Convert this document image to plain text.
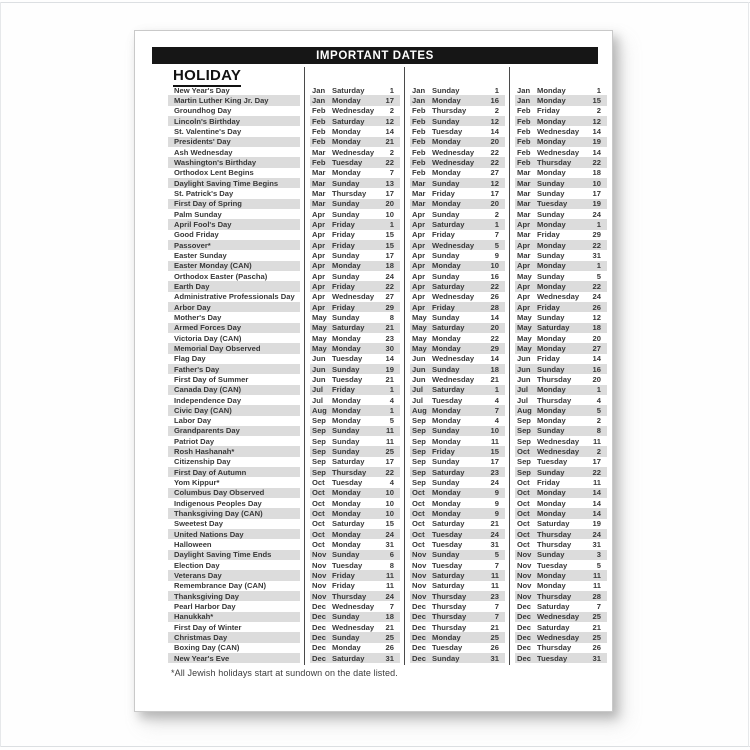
IMPORTANT DATES
HOLIDAY
New Year's Day	Jan Saturday	1 Jan Sunday	1 Jan Monday	1
Martin Luther King Jr. Day	Jan Monday	17 Jan Monday	16 Jan Monday	15
Groundhog Day	Feb Wednesday	2 Feb Thursday	2 Feb Friday	2
Lincoln's Birthday	Feb Saturday	12 Feb Sunday	12 Feb Monday	12
St. Valentine's Day	Feb Monday	14 Feb Tuesday	14 Feb Wednesday	14
Presidents' Day	Feb Monday	21 Feb Monday	20 Feb Monday	19
Ash Wednesday	Mar Wednesday	2 Feb Wednesday	22 Feb Wednesday	14
Washington's Birthday	Feb Tuesday	22 Feb Wednesday	22 Feb Thursday	22
Orthodox Lent Begins	Mar Monday	7 Feb Monday	27 Mar Monday	18
Daylight Saving Time Begins	Mar Sunday	13 Mar Sunday	12 Mar Sunday	10
St. Patrick's Day	Mar Thursday	17 Mar Friday	17 Mar Sunday	17
First Day of Spring	Mar Sunday	20 Mar Monday	20 Mar Tuesday	19
Palm Sunday	Apr Sunday	10 Apr Sunday	2 Mar Sunday	24
April Fool's Day	Apr Friday	1 Apr Saturday	1 Apr Monday	1
Good Friday	Apr Friday	15 Apr Friday	7 Mar Friday	29
Passover*	Apr Friday	15 Apr Wednesday	5 Apr Monday	22
Easter Sunday	Apr Sunday	17 Apr Sunday	9 Mar Sunday	31
Easter Monday (CAN)	Apr Monday	18 Apr Monday	10 Apr Monday	1
Orthodox Easter (Pascha)	Apr Sunday	24 Apr Sunday	16 May Sunday	5
Earth Day	Apr Friday	22 Apr Saturday	22 Apr Monday	22
Administrative Professionals Day	Apr Wednesday	27 Apr Wednesday	26 Apr Wednesday	24
Arbor Day	Apr Friday	29 Apr Friday	28 Apr Friday	26
Mother's Day	May Sunday	8 May Sunday	14 May Sunday	12
Armed Forces Day	May Saturday	21 May Saturday	20 May Saturday	18
Victoria Day (CAN)	May Monday	23 May Monday	22 May Monday	20
Memorial Day Observed	May Monday	30 May Monday	29 May Monday	27
Flag Day	Jun Tuesday	14 Jun Wednesday	14 Jun Friday	14
Father's Day	Jun Sunday	19 Jun Sunday	18 Jun Sunday	16
First Day of Summer	Jun Tuesday	21 Jun Wednesday	21 Jun Thursday	20
Canada Day (CAN)	Jul	Friday	1 Jul	Saturday	1 Jul	Monday	1
Independence Day	Jul	Monday	4 Jul	Tuesday	4 Jul	Thursday	4
Civic Day (CAN)	Aug Monday	1 Aug Monday	7 Aug Monday	5
Labor Day	Sep Monday	5 Sep Monday	4 Sep Monday	2
Grandparents Day	Sep Sunday	11 Sep Sunday	10 Sep Sunday	8
Patriot Day	Sep Sunday	11 Sep Monday	11 Sep Wednesday	11
Rosh Hashanah*	Sep Sunday	25 Sep Friday	15 Oct Wednesday	2
Citizenship Day	Sep Saturday	17 Sep Sunday	17 Sep Tuesday	17
First Day of Autumn	Sep Thursday	22 Sep Saturday	23 Sep Sunday	22
Yom Kippur*	Oct Tuesday	4 Sep Sunday	24 Oct Friday	11
Columbus Day Observed	Oct Monday	10 Oct Monday	9 Oct Monday	14
Indigenous Peoples Day	Oct Monday	10 Oct Monday	9 Oct Monday	14
Thanksgiving Day (CAN)	Oct Monday	10 Oct Monday	9 Oct Monday	14
Sweetest Day	Oct Saturday	15 Oct Saturday	21 Oct Saturday	19
United Nations Day	Oct Monday	24 Oct Tuesday	24 Oct Thursday	24
Halloween	Oct Monday	31 Oct Tuesday	31 Oct Thursday	31
Daylight Saving Time Ends	Nov Sunday	6 Nov Sunday	5 Nov Sunday	3
Election Day	Nov Tuesday	8 Nov Tuesday	7 Nov Tuesday	5
Veterans Day	Nov Friday	11 Nov Saturday	11 Nov Monday	11
Remembrance Day (CAN)	Nov Friday	11 Nov Saturday	11 Nov Monday	11
Thanksgiving Day	Nov Thursday	24 Nov Thursday	23 Nov Thursday	28
Pearl Harbor Day	Dec Wednesday	7 Dec Thursday	7 Dec Saturday	7
Hanukkah*	Dec Sunday	18 Dec Thursday	7 Dec Wednesday	25
First Day of Winter	Dec Wednesday	21 Dec Thursday	21 Dec Saturday	21
Christmas Day	Dec Sunday	25 Dec Monday	25 Dec Wednesday	25
Boxing Day (CAN)	Dec Monday	26 Dec Tuesday	26 Dec Thursday	26
New Year's Eve	Dec Saturday	31 Dec Sunday	31 Dec Tuesday	31
*All Jewish holidays start at sundown on the date listed.
